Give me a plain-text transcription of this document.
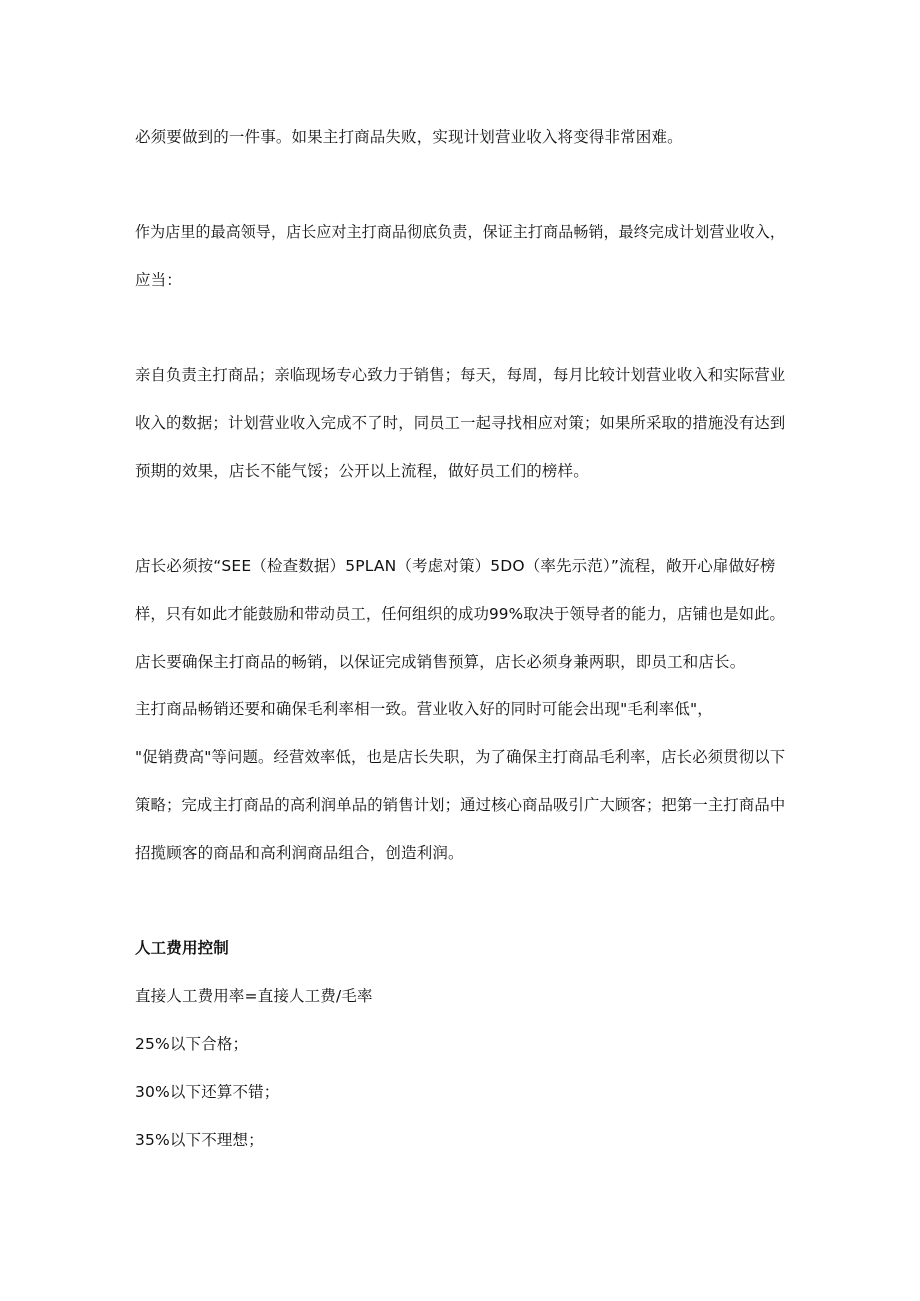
必须要做到的一件事。如果主打商品失败，实现计划营业收入将变得非常困难。
作为店里的最高领导，店长应对主打商品彻底负责，保证主打商品畅销，最终完成计划营业收入，
应当：
亲自负责主打商品；亲临现场专心致力于销售；每天，每周，每月比较计划营业收入和实际营业
收入的数据；计划营业收入完成不了时，同员工一起寻找相应对策；如果所采取的措施没有达到
预期的效果，店长不能气馁；公开以上流程，做好员工们的榜样。
店长必须按“SEE（检查数据）5PLAN（考虑对策）5DO（率先示范）”流程，敞开心扉做好榜
样，只有如此才能鼓励和带动员工，任何组织的成功99%取决于领导者的能力，店铺也是如此。
店长要确保主打商品的畅销，以保证完成销售预算，店长必须身兼两职，即员工和店长。
主打商品畅销还要和确保毛利率相一致。营业收入好的同时可能会出现"毛利率低"，
"促销费高"等问题。经营效率低，也是店长失职，为了确保主打商品毛利率，店长必须贯彻以下
策略；完成主打商品的高利润单品的销售计划；通过核心商品吸引广大顾客；把第一主打商品中
招揽顾客的商品和高利润商品组合，创造利润。
人工费用控制
直接人工费用率=直接人工费/毛率
25%以下合格；
30%以下还算不错；
35%以下不理想；
